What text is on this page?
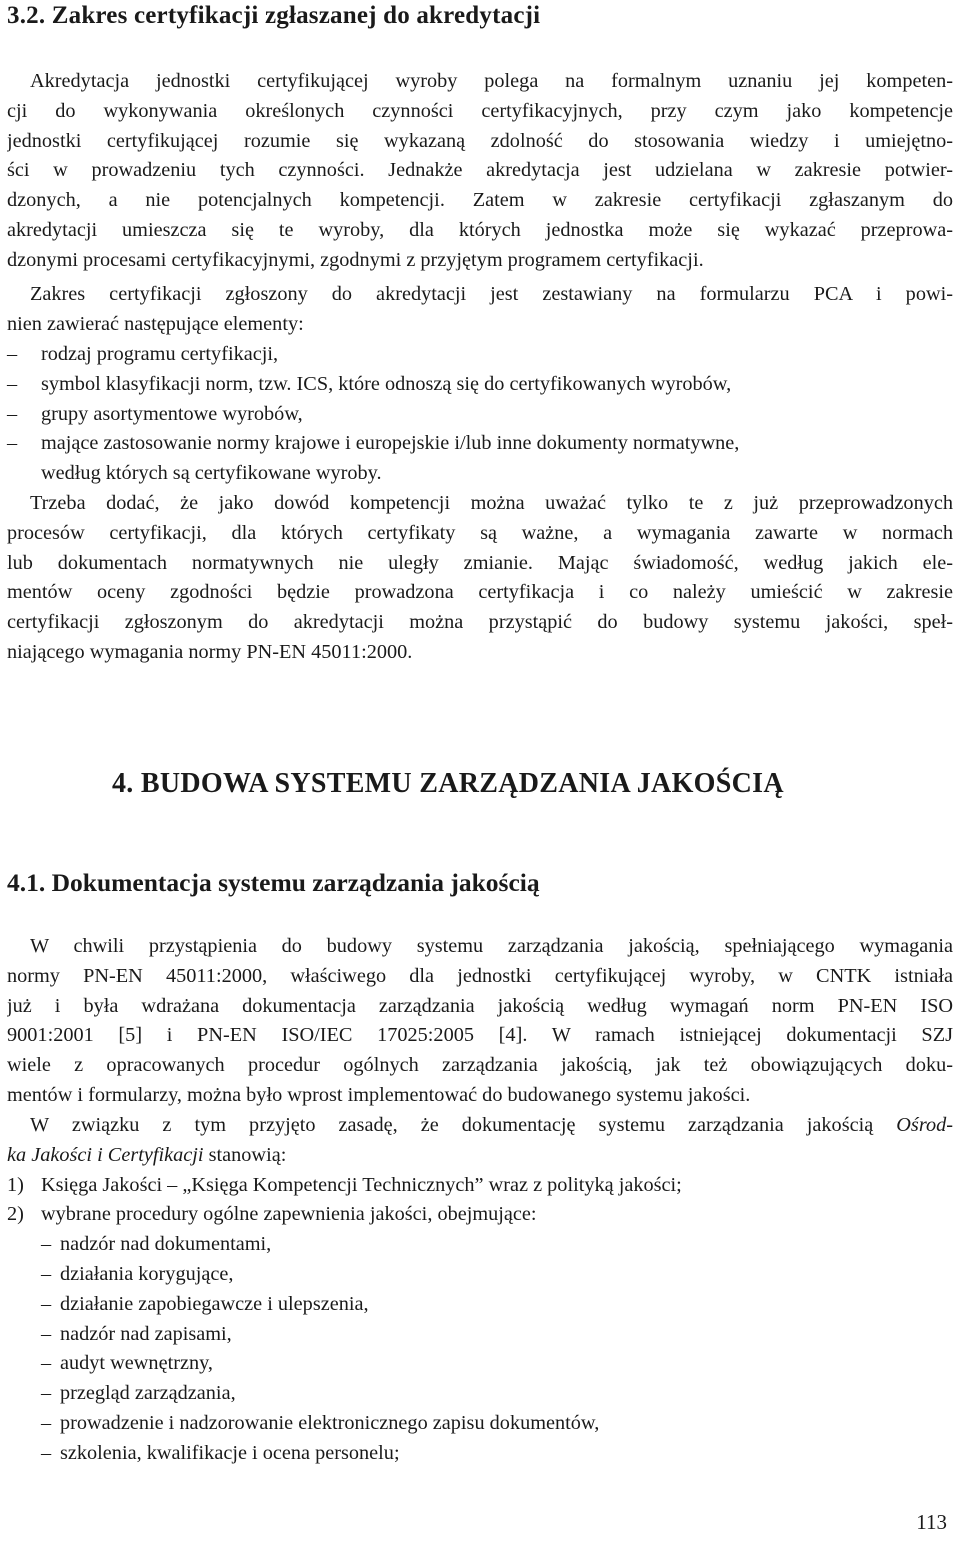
3.2. Zakres certyfikacji zgłaszanej do akredytacji
Akredytacja jednostki certyfikującej wyroby polega na formalnym uznaniu jej kompeten-
cji do wykonywania określonych czynności certyfikacyjnych, przy czym jako kompetencje
jednostki certyfikującej rozumie się wykazaną zdolność do stosowania wiedzy i umiejętno-
ści w prowadzeniu tych czynności. Jednakże akredytacja jest udzielana w zakresie potwier-
dzonych, a nie potencjalnych kompetencji. Zatem w zakresie certyfikacji zgłaszanym do
akredytacji umieszcza się te wyroby, dla których jednostka może się wykazać przeprowa-
dzonymi procesami certyfikacyjnymi, zgodnymi z przyjętym programem certyfikacji.
Zakres certyfikacji zgłoszony do akredytacji jest zestawiany na formularzu PCA i powi-
nien zawierać następujące elementy:
– rodzaj programu certyfikacji,
– symbol klasyfikacji norm, tzw. ICS, które odnoszą się do certyfikowanych wyrobów,
– grupy asortymentowe wyrobów,
– mające zastosowanie normy krajowe i europejskie i/lub inne dokumenty normatywne,
według których są certyfikowane wyroby.
Trzeba dodać, że jako dowód kompetencji można uważać tylko te z już przeprowadzonych
procesów certyfikacji, dla których certyfikaty są ważne, a wymagania zawarte w normach
lub dokumentach normatywnych nie uległy zmianie. Mając świadomość, według jakich ele-
mentów oceny zgodności będzie prowadzona certyfikacja i co należy umieścić w zakresie
certyfikacji zgłoszonym do akredytacji można przystąpić do budowy systemu jakości, speł-
niającego wymagania normy PN-EN 45011:2000.
4. BUDOWA SYSTEMU ZARZĄDZANIA JAKOŚCIĄ
4.1. Dokumentacja systemu zarządzania jakością
W chwili przystąpienia do budowy systemu zarządzania jakością, spełniającego wymagania
normy PN-EN 45011:2000, właściwego dla jednostki certyfikującej wyroby, w CNTK istniała
już i była wdrażana dokumentacja zarządzania jakością według wymagań norm PN-EN ISO
9001:2001 [5] i PN-EN ISO/IEC 17025:2005 [4]. W ramach istniejącej dokumentacji SZJ
wiele z opracowanych procedur ogólnych zarządzania jakością, jak też obowiązujących doku-
mentów i formularzy, można było wprost implementować do budowanego systemu jakości.
W związku z tym przyjęto zasadę, że dokumentację systemu zarządzania jakością Ośrod-
ka Jakości i Certyfikacji stanowią:
1) Księga Jakości – „Księga Kompetencji Technicznych” wraz z polityką jakości;
2) wybrane procedury ogólne zapewnienia jakości, obejmujące:
– nadzór nad dokumentami,
– działania korygujące,
– działanie zapobiegawcze i ulepszenia,
– nadzór nad zapisami,
– audyt wewnętrzny,
– przegląd zarządzania,
– prowadzenie i nadzorowanie elektronicznego zapisu dokumentów,
– szkolenia, kwalifikacje i ocena personelu;
113
